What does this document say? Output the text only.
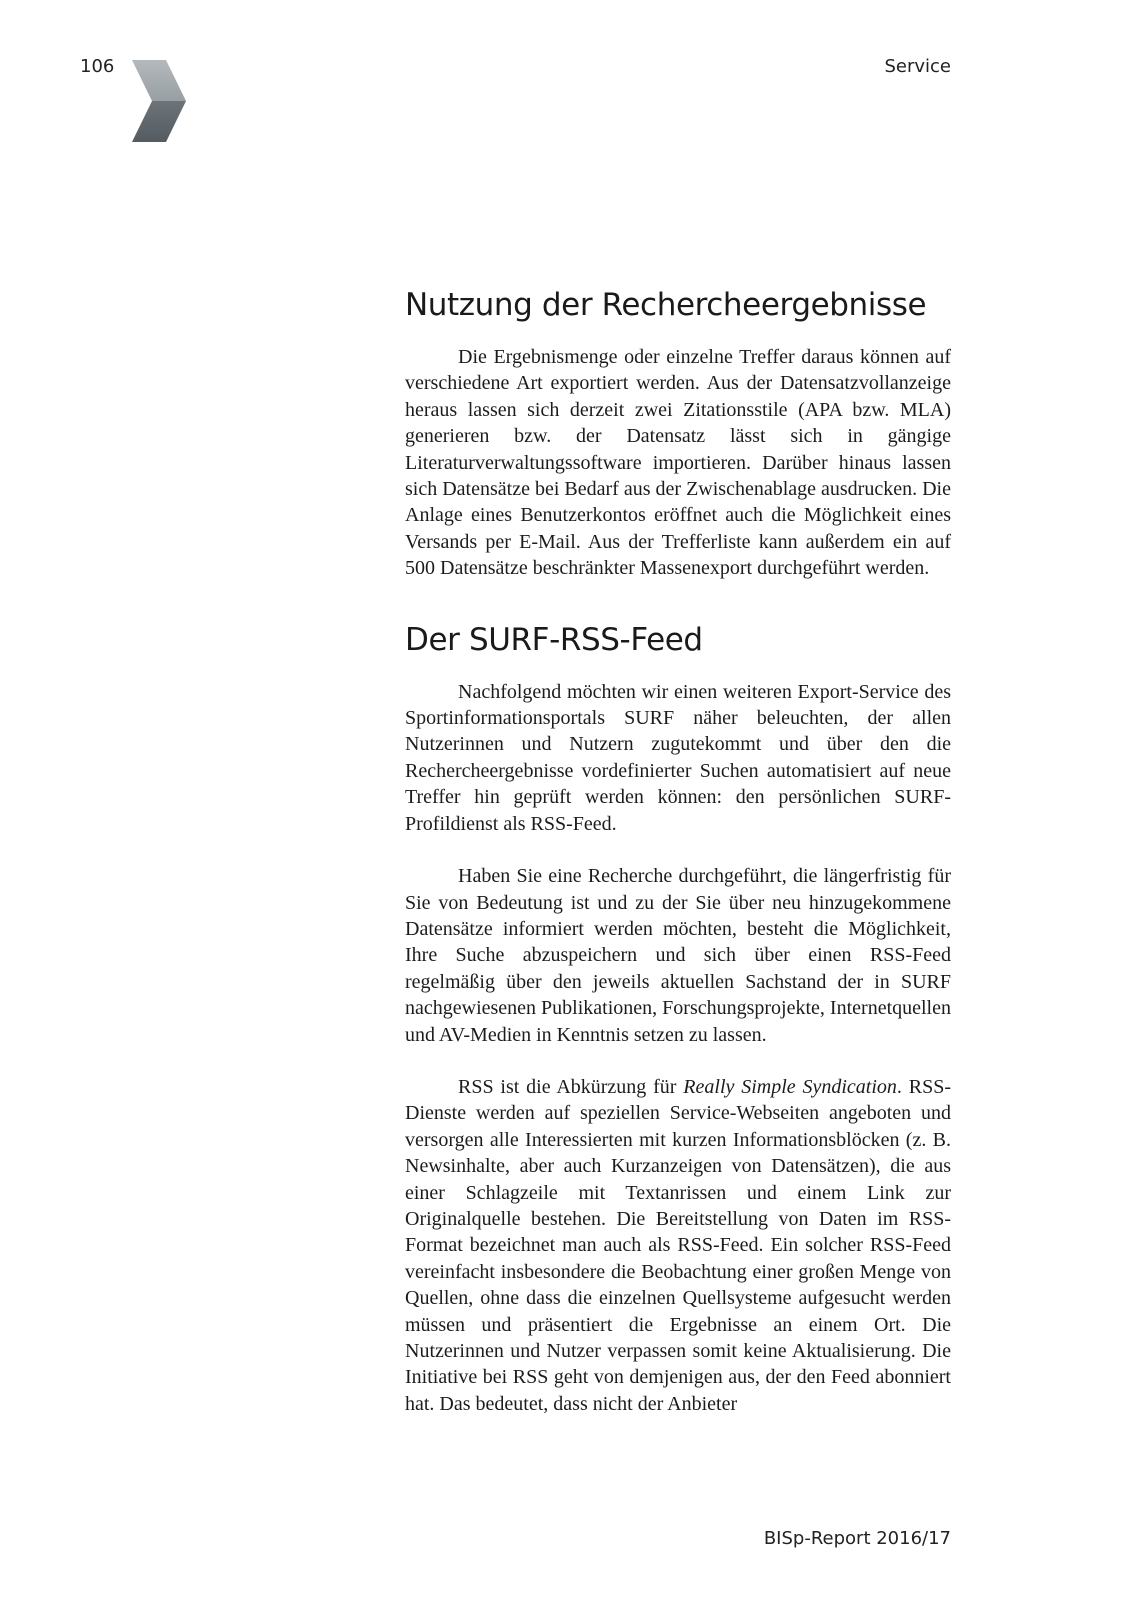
106	Service
Nutzung der Rechercheergebnisse

Die Ergebnismenge oder einzelne Treffer daraus können auf verschiedene Art exportiert werden. Aus der Datensatzvollanzeige heraus lassen sich derzeit zwei Zitationsstile (APA bzw. MLA) generieren bzw. der Datensatz lässt sich in gängige Literaturverwaltungssoftware importieren. Darüber hinaus lassen sich Datensätze bei Bedarf aus der Zwischenablage ausdrucken. Die Anlage eines Benutzerkontos eröffnet auch die Möglichkeit eines Versands per E-Mail. Aus der Trefferliste kann außerdem ein auf 500 Datensätze beschränkter Massenexport durchgeführt werden.

Der SURF-RSS-Feed

Nachfolgend möchten wir einen weiteren Export-Service des Sportinformationsportals SURF näher beleuchten, der allen Nutzerinnen und Nutzern zugutekommt und über den die Rechercheergebnisse vordefinierter Suchen automatisiert auf neue Treffer hin geprüft werden können: den persönlichen SURF-Profildienst als RSS-Feed.

Haben Sie eine Recherche durchgeführt, die längerfristig für Sie von Bedeutung ist und zu der Sie über neu hinzugekommene Datensätze informiert werden möchten, besteht die Möglichkeit, Ihre Suche abzuspeichern und sich über einen RSS-Feed regelmäßig über den jeweils aktuellen Sachstand der in SURF nachgewiesenen Publikationen, Forschungsprojekte, Internetquellen und AV-Medien in Kenntnis setzen zu lassen.

RSS ist die Abkürzung für Really Simple Syndication. RSS-Dienste werden auf speziellen Service-Webseiten angeboten und versorgen alle Interessierten mit kurzen Informationsblöcken (z. B. Newsinhalte, aber auch Kurzanzeigen von Datensätzen), die aus einer Schlagzeile mit Textanrissen und einem Link zur Originalquelle bestehen. Die Bereitstellung von Daten im RSS-Format bezeichnet man auch als RSS-Feed. Ein solcher RSS-Feed vereinfacht insbesondere die Beobachtung einer großen Menge von Quellen, ohne dass die einzelnen Quellsysteme aufgesucht werden müssen und präsentiert die Ergebnisse an einem Ort. Die Nutzerinnen und Nutzer verpassen somit keine Aktualisierung. Die Initiative bei RSS geht von demjenigen aus, der den Feed abonniert hat. Das bedeutet, dass nicht der Anbieter

BISp-Report 2016/17
